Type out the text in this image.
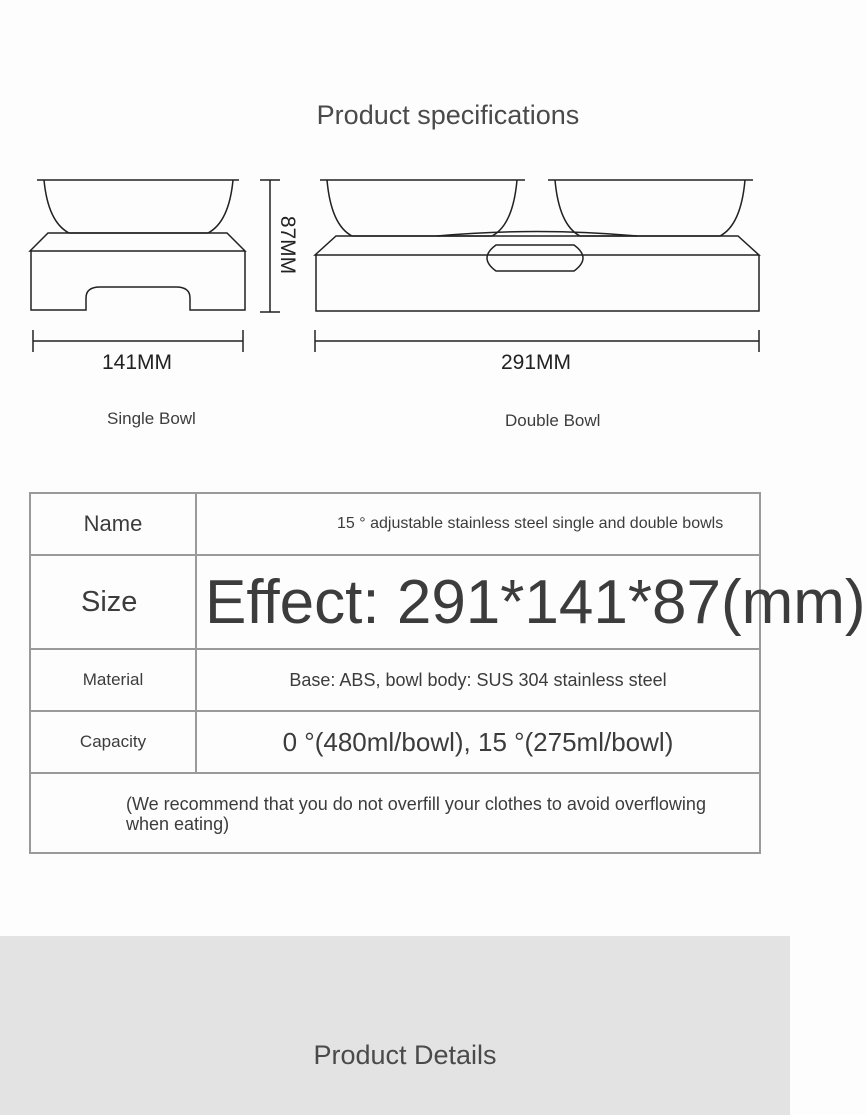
Product specifications
141MM	291MM
87MM
Single Bowl	Double Bowl
Name	15 ° adjustable stainless steel single and double bowls
Size	Effect: 291*141*87(mm)
Material	Base: ABS, bowl body: SUS 304 stainless steel
Capacity	0 °(480ml/bowl), 15 °(275ml/bowl)
(We recommend that you do not overfill your clothes to avoid overflowing when eating)	
Product Details
